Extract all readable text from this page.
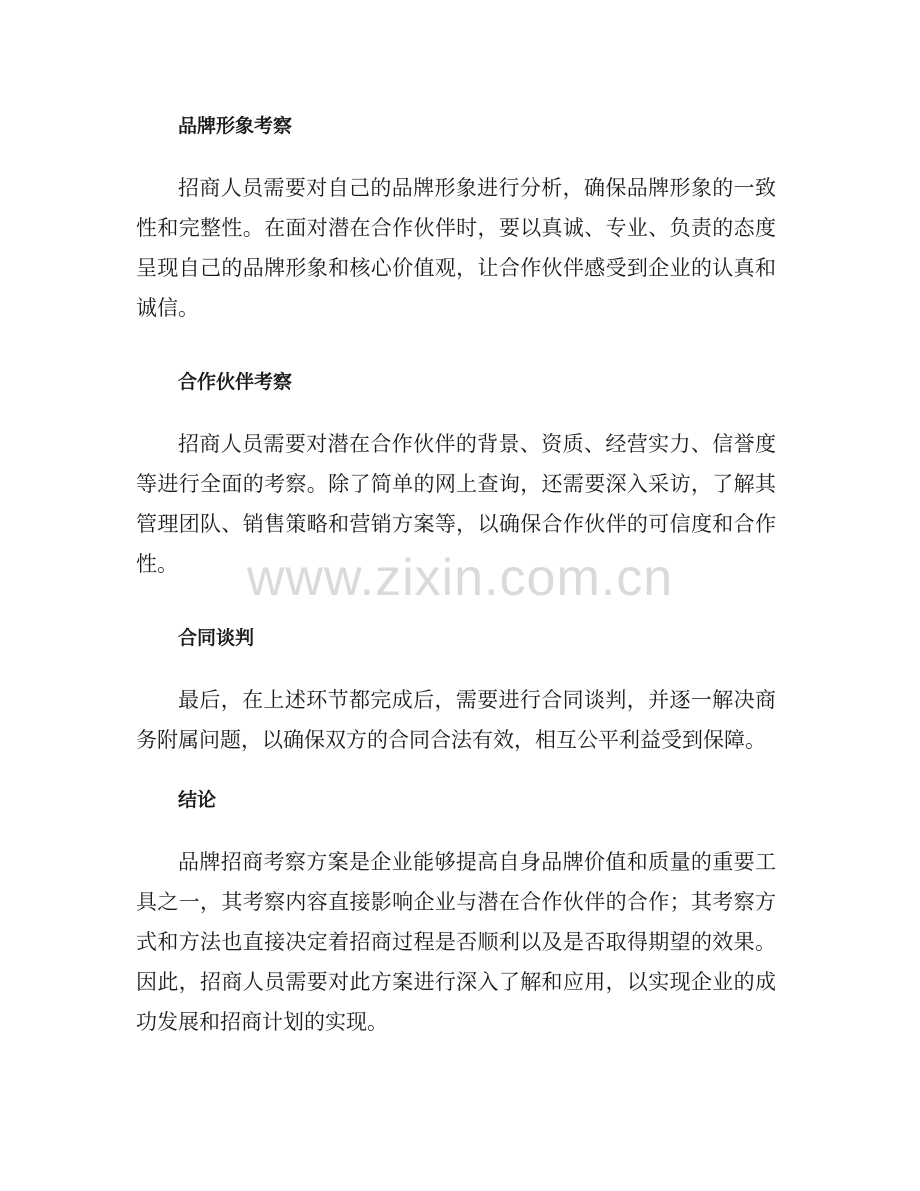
品牌形象考察

招商人员需要对自己的品牌形象进行分析，确保品牌形象的一致性和完整性。在面对潜在合作伙伴时，要以真诚、专业、负责的态度呈现自己的品牌形象和核心价值观，让合作伙伴感受到企业的认真和诚信。

合作伙伴考察

招商人员需要对潜在合作伙伴的背景、资质、经营实力、信誉度等进行全面的考察。除了简单的网上查询，还需要深入采访，了解其管理团队、销售策略和营销方案等，以确保合作伙伴的可信度和合作性。

合同谈判

最后，在上述环节都完成后，需要进行合同谈判，并逐一解决商务附属问题，以确保双方的合同合法有效，相互公平利益受到保障。

结论

品牌招商考察方案是企业能够提高自身品牌价值和质量的重要工具之一，其考察内容直接影响企业与潜在合作伙伴的合作；其考察方式和方法也直接决定着招商过程是否顺利以及是否取得期望的效果。因此，招商人员需要对此方案进行深入了解和应用，以实现企业的成功发展和招商计划的实现。

www.zixin.com.cn
